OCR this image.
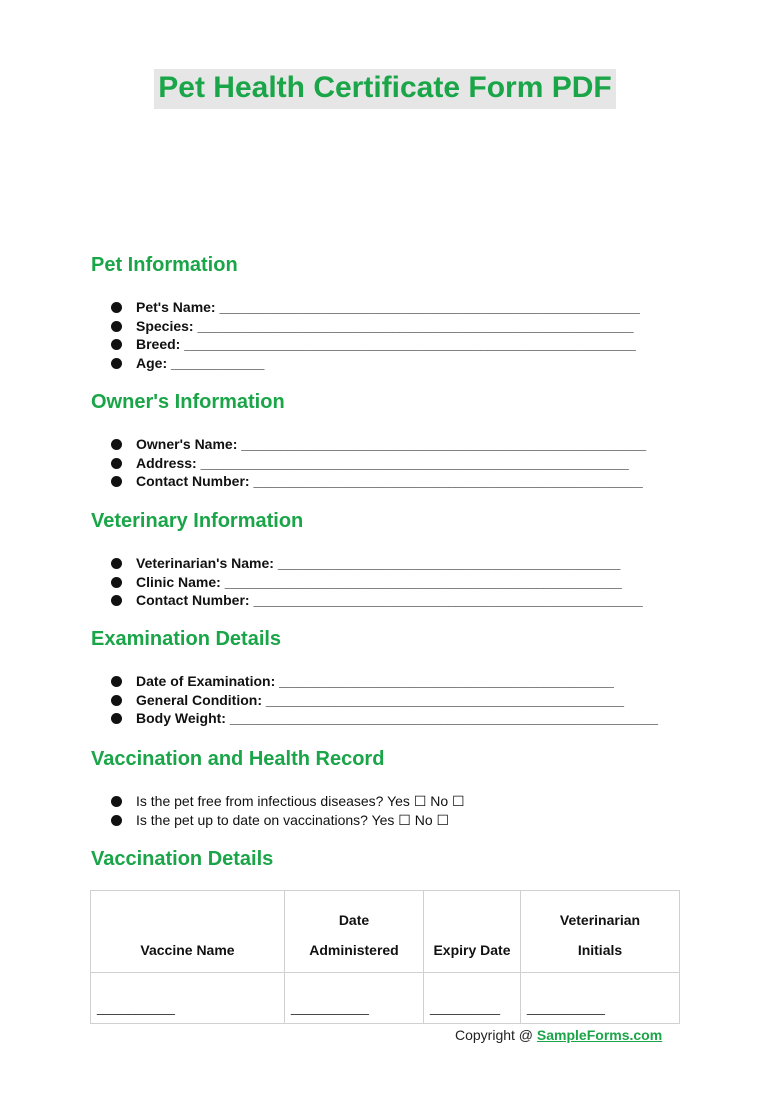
Pet Health Certificate Form PDF
Pet Information
Pet's Name: ______________________________________________________
Species: ________________________________________________________
Breed: __________________________________________________________
Age: ____________
Owner's Information
Owner's Name: ____________________________________________________
Address: _______________________________________________________
Contact Number: __________________________________________________
Veterinary Information
Veterinarian's Name: ____________________________________________
Clinic Name: ___________________________________________________
Contact Number: __________________________________________________
Examination Details
Date of Examination: ___________________________________________
General Condition: ______________________________________________
Body Weight: _______________________________________________________
Vaccination and Health Record
Is the pet free from infectious diseases? Yes ☐ No ☐
Is the pet up to date on vaccinations? Yes ☐ No ☐
Vaccination Details
Vaccine Name	Date Administered	Expiry Date	Veterinarian Initials
__________	__________	_________	__________
Copyright @ SampleForms.com
